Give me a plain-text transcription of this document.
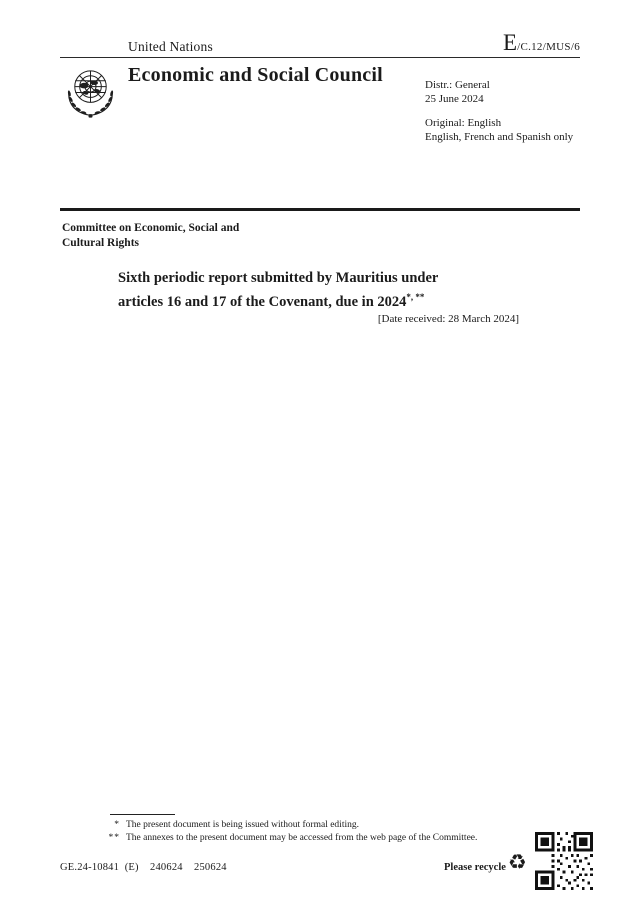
United Nations	E /C.12/MUS/6
Economic and Social Council	Distr.: General
25 June 2024
Original: English
English, French and Spanish only
Committee on Economic, Social and
Cultural Rights
Sixth periodic report submitted by Mauritius under
articles 16 and 17 of the Covenant, due in 2024*, **
[Date received: 28 March 2024]
* The present document is being issued without formal editing.
** The annexes to the present document may be accessed from the web page of the Committee.
GE.24-10841  (E)    240624    250624	Please recycle ♻
